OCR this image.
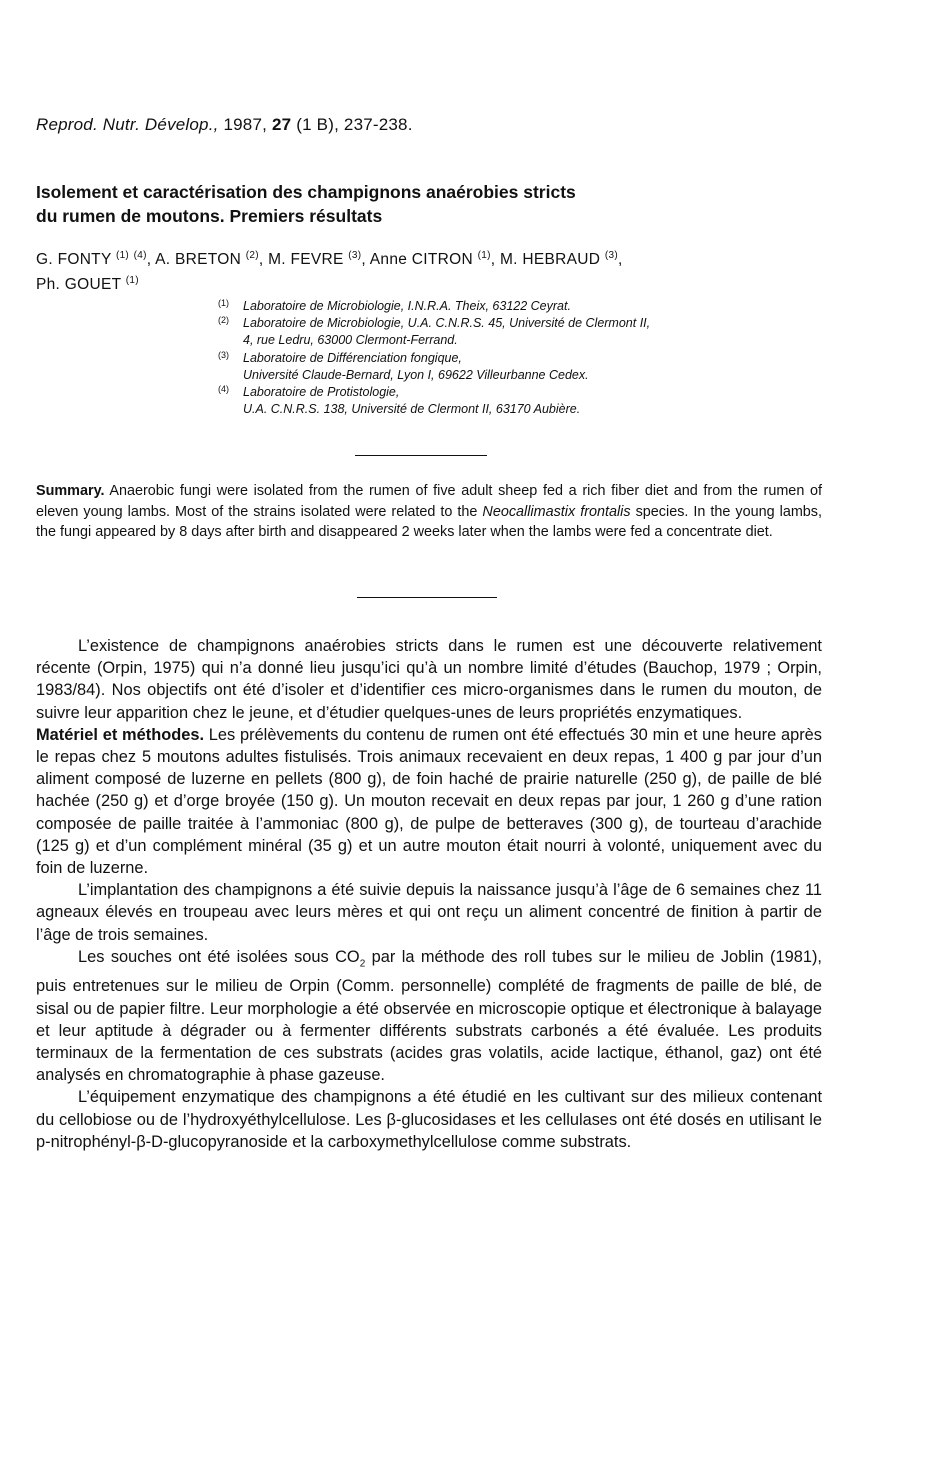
Reprod. Nutr. Dévelop., 1987, 27 (1 B), 237-238.
Isolement et caractérisation des champignons anaérobies stricts
du rumen de moutons. Premiers résultats
G. FONTY $^{(1)}$ $^{(4)}$, A. BRETON $^{(2)}$, M. FEVRE $^{(3)}$, Anne CITRON $^{(1)}$, M. HEBRAUD $^{(3)}$,
Ph. GOUET $^{(1)}$
(1) Laboratoire de Microbiologie, I.N.R.A. Theix, 63122 Ceyrat.
(2) Laboratoire de Microbiologie, U.A. C.N.R.S. 45, Université de Clermont II,
4, rue Ledru, 63000 Clermont-Ferrand.
(3) Laboratoire de Différenciation fongique,
Université Claude-Bernard, Lyon I, 69622 Villeurbanne Cedex.
(4) Laboratoire de Protistologie,
U.A. C.N.R.S. 138, Université de Clermont II, 63170 Aubière.
Summary. Anaerobic fungi were isolated from the rumen of five adult sheep fed a rich fiber diet and from the rumen of eleven young lambs. Most of the strains isolated were related to the Neocallimastix frontalis species. In the young lambs, the fungi appeared by 8 days after birth and disappeared 2 weeks later when the lambs were fed a concentrate diet.

L’existence de champignons anaérobies stricts dans le rumen est une découverte relativement récente (Orpin, 1975) qui n’a donné lieu jusqu’ici qu’à un nombre limité d’études (Bauchop, 1979 ; Orpin, 1983/84). Nos objectifs ont été d’isoler et d’identifier ces micro-organismes dans le rumen du mouton, de suivre leur apparition chez le jeune, et d’étudier quelques-unes de leurs propriétés enzymatiques.

Matériel et méthodes. Les prélèvements du contenu de rumen ont été effectués 30 min et une heure après le repas chez 5 moutons adultes fistulisés. Trois animaux recevaient en deux repas, 1 400 g par jour d’un aliment composé de luzerne en pellets (800 g), de foin haché de prairie naturelle (250 g), de paille de blé hachée (250 g) et d’orge broyée (150 g). Un mouton recevait en deux repas par jour, 1 260 g d’une ration composée de paille traitée à l’ammoniac (800 g), de pulpe de betteraves (300 g), de tourteau d’arachide (125 g) et d’un complément minéral (35 g) et un autre mouton était nourri à volonté, uniquement avec du foin de luzerne.

L’implantation des champignons a été suivie depuis la naissance jusqu’à l’âge de 6 semaines chez 11 agneaux élevés en troupeau avec leurs mères et qui ont reçu un aliment concentré de finition à partir de l’âge de trois semaines.

Les souches ont été isolées sous $CO_2$ par la méthode des roll tubes sur le milieu de Joblin (1981), puis entretenues sur le milieu de Orpin (Comm. personnelle) complété de fragments de paille de blé, de sisal ou de papier filtre. Leur morphologie a été observée en microscopie optique et électronique à balayage et leur aptitude à dégrader ou à fermenter différents substrats carbonés a été évaluée. Les produits terminaux de la fermentation de ces substrats (acides gras volatils, acide lactique, éthanol, gaz) ont été analysés en chromatographie à phase gazeuse.

L’équipement enzymatique des champignons a été étudié en les cultivant sur des milieux contenant du cellobiose ou de l’hydroxyéthylcellulose. Les β-glucosidases et les cellulases ont été dosés en utilisant le p-nitrophényl-β-D-glucopyranoside et la carboxymethylcellulose comme substrats.
